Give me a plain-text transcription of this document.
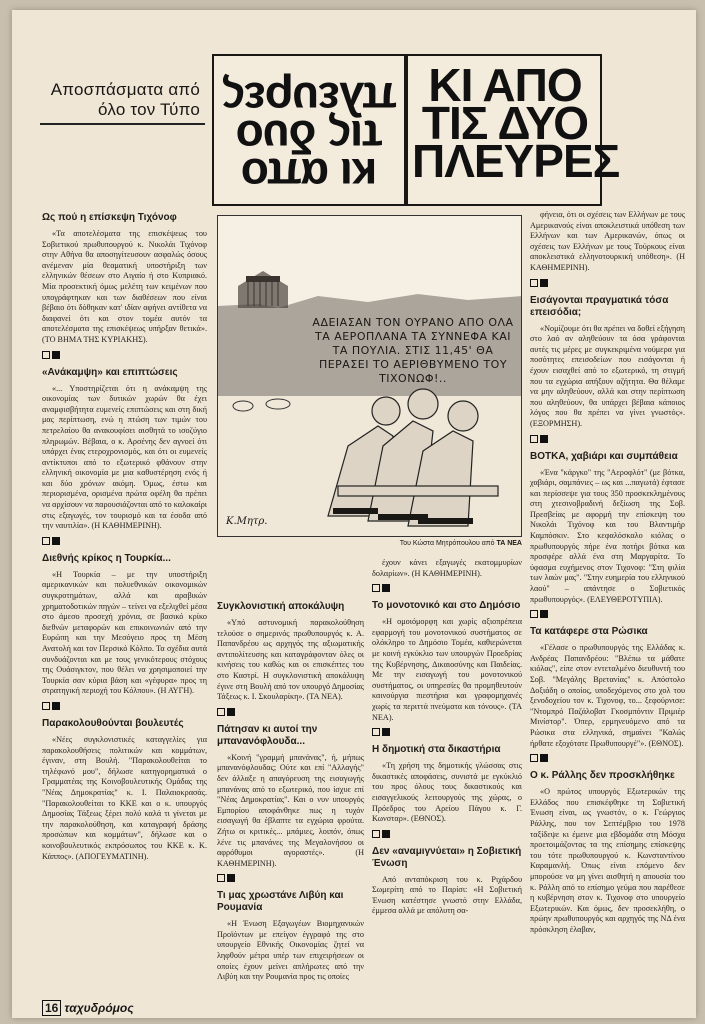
Αποσπάσματα από όλο τον Τύπο
κι απο τις δυο πλευρες ΚΙ ΑΠΟ ΤΙΣ ΔΥΟ ΠΛΕΥΡΕΣ
Ως πού η επίσκεψη Τιχόνοφ

«Τα αποτελέσματα της επισκέψεως του Σοβιετικού πρωθυπουργού κ. Νικολάι Τιχόνοφ στην Αθήνα θα αποσηγίτευσουν ασφαλώς όσους ανέμεναν μία θεαματική υποστήριξη των ελληνικών θέσεων στο Αιγαίο ή στο Κυπριακό. Μία προσεκτική όμως μελέτη των κειμένων που υπογράφτηκαν και των διαθέσεων που είναι βέβαιο ότι δόθηκαν κατ' ιδίαν αφήνει αντίθετα να διαφανεί ότι και στον τομέα αυτόν τα αποτελέσματα της επισκέψεως υπήρξαν θετικά». (ΤΟ ΒΗΜΑ ΤΗΣ ΚΥΡΙΑΚΗΣ).

«Ανάκαμψη» και επιπτώσεις

«... Υποστηρίζεται ότι η ανάκαμψη της οικονομίας των δυτικών χωρών θα έχει αναμφισβήτητα ευμενείς επιπτώσεις και στη δική μας περίπτωση, ενώ η πτώση των τιμών του πετρελαίου θα ανακουφίσει αισθητά το ισοζύγιο πληρωμών. Βέβαια, ο κ. Αρσένης δεν αγνοεί ότι υπάρχει ένας ετεροχρονισμός, και ότι οι ευμενείς αντίκτυποι από το εξωτερικό φθάνουν στην ελληνική οικονομία με μια καθυστέρηση ενός ή και δύο χρόνων ακόμη. Όμως, έστω και περιορισμένα, ορισμένα πρώτα οφέλη θα πρέπει να αρχίσουν να παρουσιάζονται από το καλοκαίρι στις εξαγωγές, τον τουρισμό και τα έσοδα από την ναυτιλία». (Η ΚΑΘΗΜΕΡΙΝΗ).

Διεθνής κρίκος η Τουρκία...

«Η Τουρκία – με την υποστήριξη αμερικανικών και πολυεθνικών οικονομικών συγκροτημάτων, αλλά και αραβικών χρηματοδοτικών πηγών – τείνει να εξελιχθεί μέσα στο άμεσο προσεχή χρόνια, σε βασικό κρίκο διεθνών μεταφορών και επικοινωνιών από την Ευρώπη και την Μεσόγειο προς τη Μέση Ανατολή και τον Περσικό Κόλπο. Τα σχέδια αυτά συνδυάζονται και με τους γενικότερους στόχους της Ουάσιγκτον, που θέλει να χρησιμοποιεί την Τουρκία σαν κύρια βάση και «γέφυρα» προς τη στρατηγική περιοχή του Κόλπου». (Η ΑΥΓΗ).

Παρακολουθούνται βουλευτές

«Νέες συγκλονιστικές καταγγελίες για παρακολουθήσεις πολιτικών και κομμάτων, έγιναν, στη Βουλή. "Παρακολουθείται το τηλέφωνό μου", δήλωσε κατηγορηματικά ο Γραμματέας της Κοινοβουλευτικής Ομάδας της "Νέας Δημοκρατίας" κ. Ι. Παλαιοκρασάς. "Παρακολουθείται το ΚΚΕ και ο κ. υπουργός Δημοσίας Τάξεως ξέρει πολύ καλά τι γίνεται με την παρακολούθηση, και καταγραφή δράσης προσώπων και κομμάτων", δήλωσε και ο κοινοβουλευτικός εκπρόσωπος του ΚΚΕ κ. Κ. Κάππος». (ΑΠΟΓΕΥΜΑΤΙΝΗ).

ΑΔΕΙΑΣΑΝ ΤΟΝ ΟΥΡΑΝΟ ΑΠΟ ΟΛΑ ΤΑ ΑΕΡΟΠΛΑΝΑ ΤΑ ΣΥΝΝΕΦΑ ΚΑΙ ΤΑ ΠΟΥΛΙΑ. ΣΤΙΣ 11,45' ΘΑ ΠΕΡΑΣΕΙ ΤΟ ΑΕΡΙΘΒΥΜΕΝΟ ΤΟΥ ΤΙΧΟΝΩΦ!..
K.Mητρ.
Του Κώστα Μητρόπουλου από ΤΑ ΝΕΑ
Συγκλονιστική αποκάλυψη

«Υπό αστυνομική παρακολούθηση τελούσε ο σημερινός πρωθυπουργός κ. Α. Παπανδρέου ως αρχηγός της αξιωματικής αντιπολίτευσης και καταγράφονταν όλες οι κινήσεις του καθώς και οι επισκέπτες του στο Καστρί. Η συγκλονιστική αποκάλυψη έγινε στη Βουλή από τον υπουργό Δημοσίας Τάξεως κ. Ι. Σκουλαρίκη». (ΤΑ ΝΕΑ).

Πάτησαν κι αυτοί την μπανανόφλουδα...

«Κοινή "γραμμή μπανάνας", ή, μήπως μπανανόφλουδας; Ούτε και επί "Αλλαγής" δεν άλλαξε η απαγόρευση της εισαγωγής μπανάνας από το εξωτερικό, που ίσχυε επί "Νέας Δημοκρατίας". Και ο νυν υπουργός Εμπορίου αποφάνθηκε πως η τυχόν εισαγωγή θα έβλαπτε τα εγχώρια φρούτα. Ζήτω οι κριτικές... μπάμιες, λοιπόν, όπως λένε τις μπανάνες της Μεγαλονήσου οι αφρόθυμοι αγοραστές». (Η ΚΑΘΗΜΕΡΙΝΗ).

Τι μας χρωστάνε Λιβύη και Ρουμανία

«Η Ένωση Εξαγωγέων Βιομηχανικών Προϊόντων με επείγον έγγραφό της στο υπουργείο Εθνικής Οικονομίας ζητεί να ληφθούν μέτρα υπέρ των επιχειρήσεων οι οποίες έχουν μείνει απλήρωτες από την Λιβύη και την Ρουμανία προς τις οποίες

έχουν κάνει εξαγωγές εκατομμυρίων δολαρίων». (Η ΚΑΘΗΜΕΡΙΝΗ).

Το μονοτονικό και στο Δημόσιο

«Η ομοιόμορφη και χωρίς αξιοπρέπεια εφαρμογή του μονοτονικού συστήματος σε ολόκληρο το Δημόσιο Τομέα, καθιερώνεται με κοινή εγκύκλιο των υπουργών Προεδρίας της Κυβέρνησης, Δικαιοσύνης και Παιδείας. Με την εισαγωγή του μονοτονικού συστήματος, οι υπηρεσίες θα προμηθευτούν καινούργια πιεστήρια και γραφομηχανές χωρίς τα περιττά πνεύματα και τόνους». (ΤΑ ΝΕΑ).

Η δημοτική στα δικαστήρια

«Τη χρήση της δημοτικής γλώσσας στις δικαστικές αποφάσεις, συνιστά με εγκύκλιό του προς όλους τους δικαστικούς και εισαγγελικούς λειτουργούς της χώρας, ο Πρόεδρος του Αρείου Πάγου κ. Γ. Κωνσταρ». (ΕΘΝΟΣ).

Δεν «αναμιγνύεται» η Σοβιετική Ένωση

Από ανταπόκριση του κ. Ριχάρδου Σωμερίτη από το Παρίσι: «Η Σοβιετική Ένωση κατέστησε γνωστό στην Ελλάδα, έμμεσα αλλά με απόλυτη σα-

φήνεια, ότι οι σχέσεις των Ελλήνων με τους Αμερικανούς είναι αποκλειστικά υπόθεση των Ελλήνων και των Αμερικανών, όπως οι σχέσεις των Ελλήνων με τους Τούρκους είναι αποκλειστικά ελληνοτουρκική υπόθεση». (Η ΚΑΘΗΜΕΡΙΝΗ).

Εισάγονται πραγματικά τόσα επεισόδια;

«Νομίζουμε ότι θα πρέπει να δοθεί εξήγηση στο λαό αν αληθεύουν τα όσα γράφονται αυτές τις μέρες με συγκεκριμένα νούμερα για ποσότητες επεισοδείων που εισάγονται ή έχουν εισαχθεί από το εξωτερικό, τη στιγμή που τα εγχώρια απήξουν αζήτητα. Θα θέλαμε να μην αληθεύουν, αλλά και στην περίπτωση που αληθεύουν, θα υπάρχει βέβαια κάποιος λόγος που θα πρέπει να γίνει γνωστός». (ΕΞΟΡΜΗΣΗ).

ΒΟΤΚΑ, χαβιάρι και συμπάθεια

«Ένα "κάργκο" της "Αεροφλότ" (με βότκα, χαβιάρι, σαμπάνιες – ως και ...παγωτά) έφτασε και περίσσεψε για τους 350 προσκεκλημένους στη χτεσινοβραδινή δεξίωση της Σοβ. Πρεσβείας με αφορμή την επίσκεψη του Νικολάι Τιχόνοφ και του Βλαντιμήρ Καμπόσκιν. Στο κεφαλόσκαλο κιόλας ο πρωθυπουργός πήρε ένα ποτήρι βότκα και προσφέρε αλλά ένα στη Μαργαρίτα. Το ύφασμα ευχήμενος στον Τιχονοφ: "Στη φιλία των λαών μας". "Στην ευημερία του ελληνικού λαού" – απάντησε ο Σοβιετικός πρωθυπουργός». (ΕΛΕΥΘΕΡΟΤΥΠΙΑ).

Τα κατάφερε στα Ρώσικα

«Γέλασε ο πρωθυπουργός της Ελλάδας κ. Ανδρέας Παπανδρέου: "Βλέπω τα μάθατε κιόλας", είπε στον εντεταλμένο διευθυντή του Σοβ. "Μεγάλης Βρετανίας" κ. Απόστολο Δοξιάδη ο οποίος, υποδεχόμενος στο χολ του ξενοδοχείου τον κ. Τιχονοφ, το... ξεφούρνισε: "Ντομπρό Παζάλοβατ Γκοσμπόντιν Πριμιέρ Μινίστορ". Όπερ, ερμηνευόμενο από τα Ρώσικα στα ελληνικά, σημαίνει "Καλώς ήρθατε εξοχότατε Πρωθυπουργέ"». (ΕΘΝΟΣ).

Ο κ. Ράλλης δεν προσκλήθηκε

«Ο πρώτος υπουργός Εξωτερικών της Ελλάδος που επισκέφθηκε τη Σοβιετική Ένωση είναι, ως γνωστόν, ο κ. Γεώργιος Ράλλης, που τον Σεπτέμβριο του 1978 ταξίδεψε κι έμεινε μια εβδομάδα στη Μόσχα προετοιμάζοντας τα της επίσημης επίσκεψης του τότε πρωθυπουργού κ. Κωνσταντίνου Καραμανλή. Όπως είναι επόμενο δεν μπορούσε να μη γίνει αισθητή η απουσία του κ. Ράλλη από το επίσημο γεύμα που παρέθεσε η κυβέρνηση στον κ. Τιχονοφ στο υπουργείο Εξωτερικών. Και όμως, δεν προσεκλήθη, ο πρώην πρωθυπουργός και αρχηγός της ΝΔ ένα πρόσκληση έλαβαν,

16 ταχυδρόμος
